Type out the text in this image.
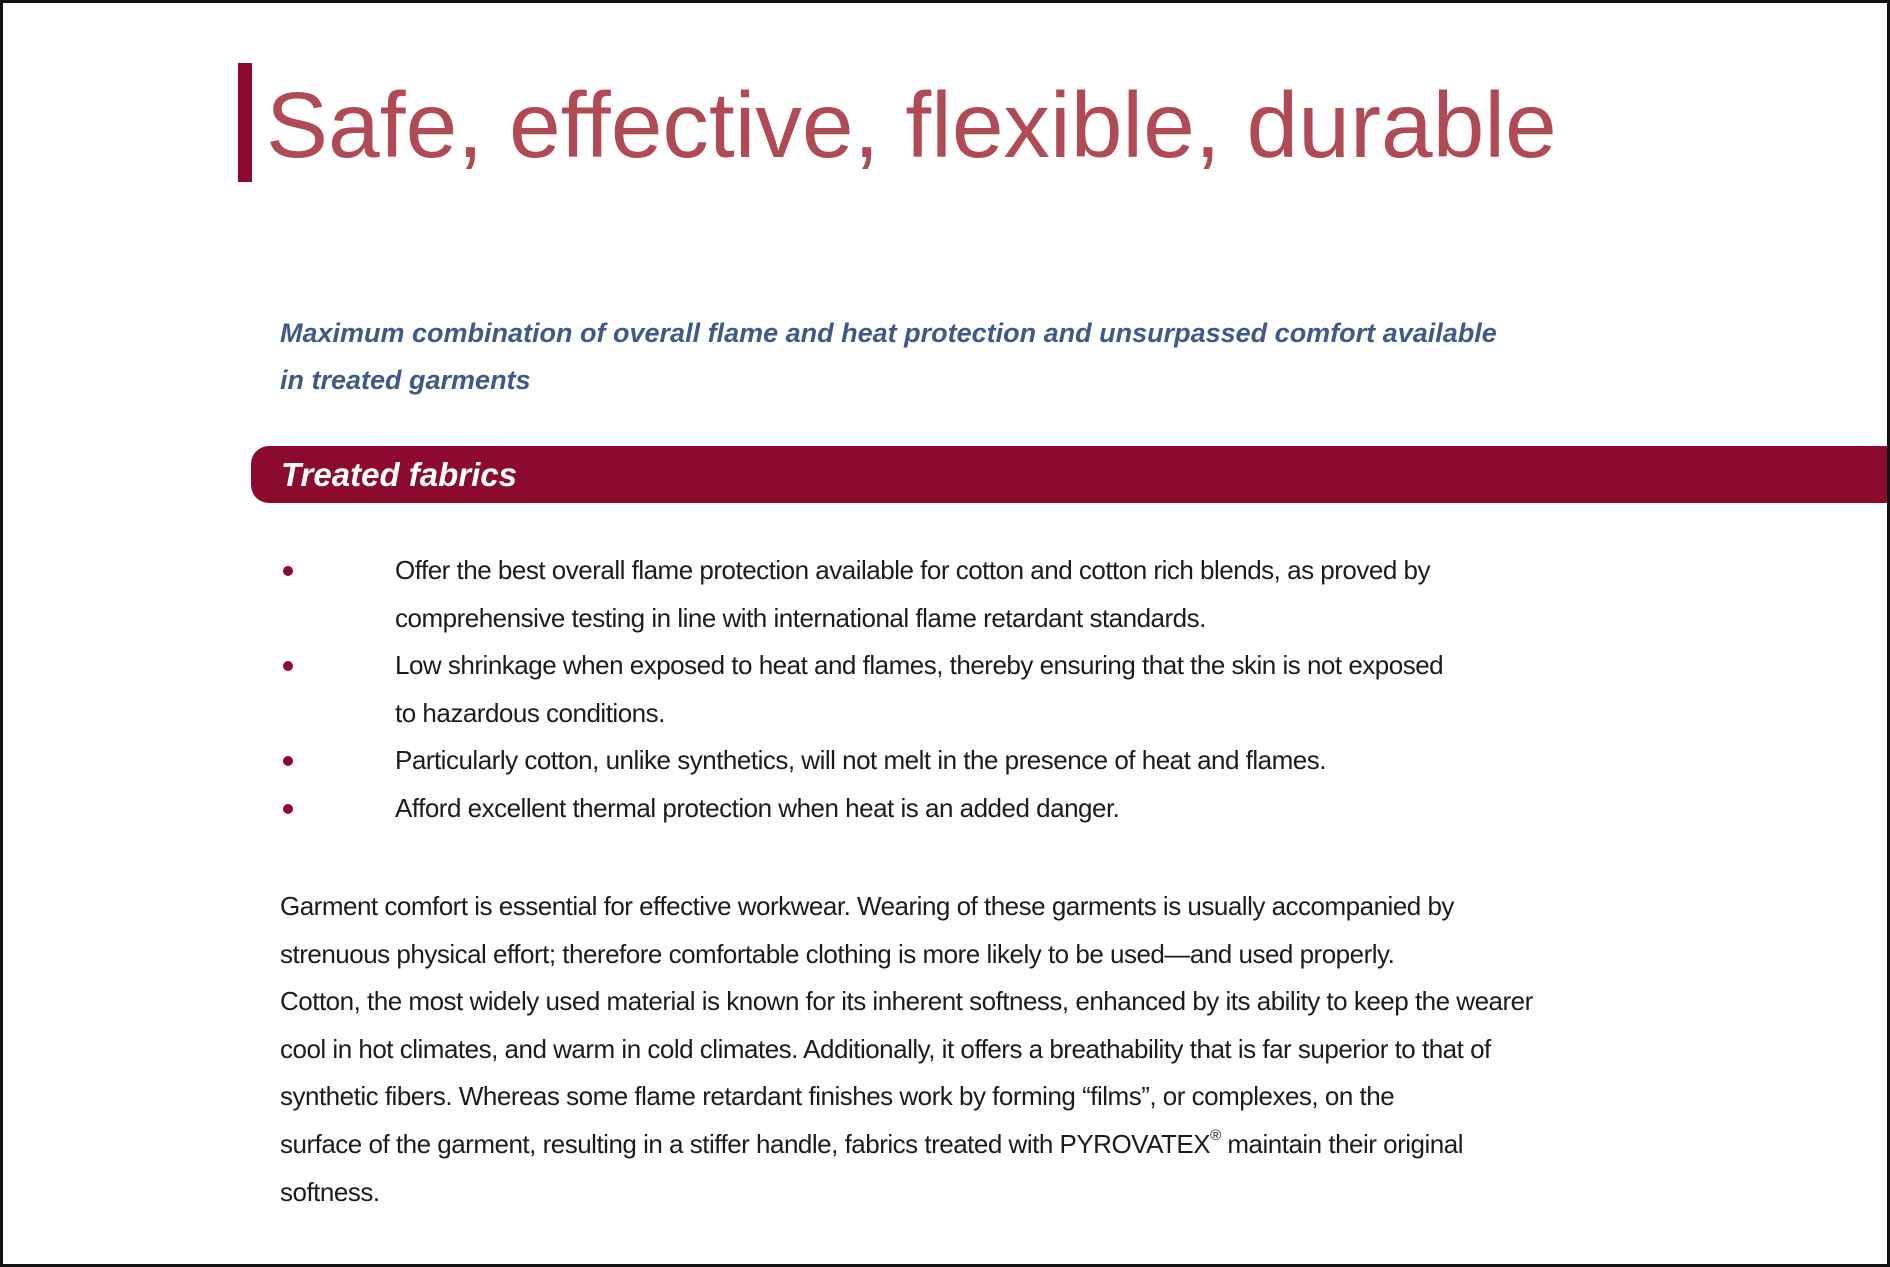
Safe, effective, flexible, durable

Maximum combination of overall flame and heat protection and unsurpassed comfort available
in treated garments

Treated fabrics
Offer the best overall flame protection available for cotton and cotton rich blends, as proved by
comprehensive testing in line with international flame retardant standards.
Low shrinkage when exposed to heat and flames, thereby ensuring that the skin is not exposed
to hazardous conditions.
Particularly cotton, unlike synthetics, will not melt in the presence of heat and flames.
Afford excellent thermal protection when heat is an added danger.

Garment comfort is essential for effective workwear. Wearing of these garments is usually accompanied by
strenuous physical effort; therefore comfortable clothing is more likely to be used—and used properly.
Cotton, the most widely used material is known for its inherent softness, enhanced by its ability to keep the wearer
cool in hot climates, and warm in cold climates. Additionally, it offers a breathability that is far superior to that of
synthetic fibers. Whereas some flame retardant finishes work by forming “films”, or complexes, on the
surface of the garment, resulting in a stiffer handle, fabrics treated with PYROVATEX® maintain their original
softness.
